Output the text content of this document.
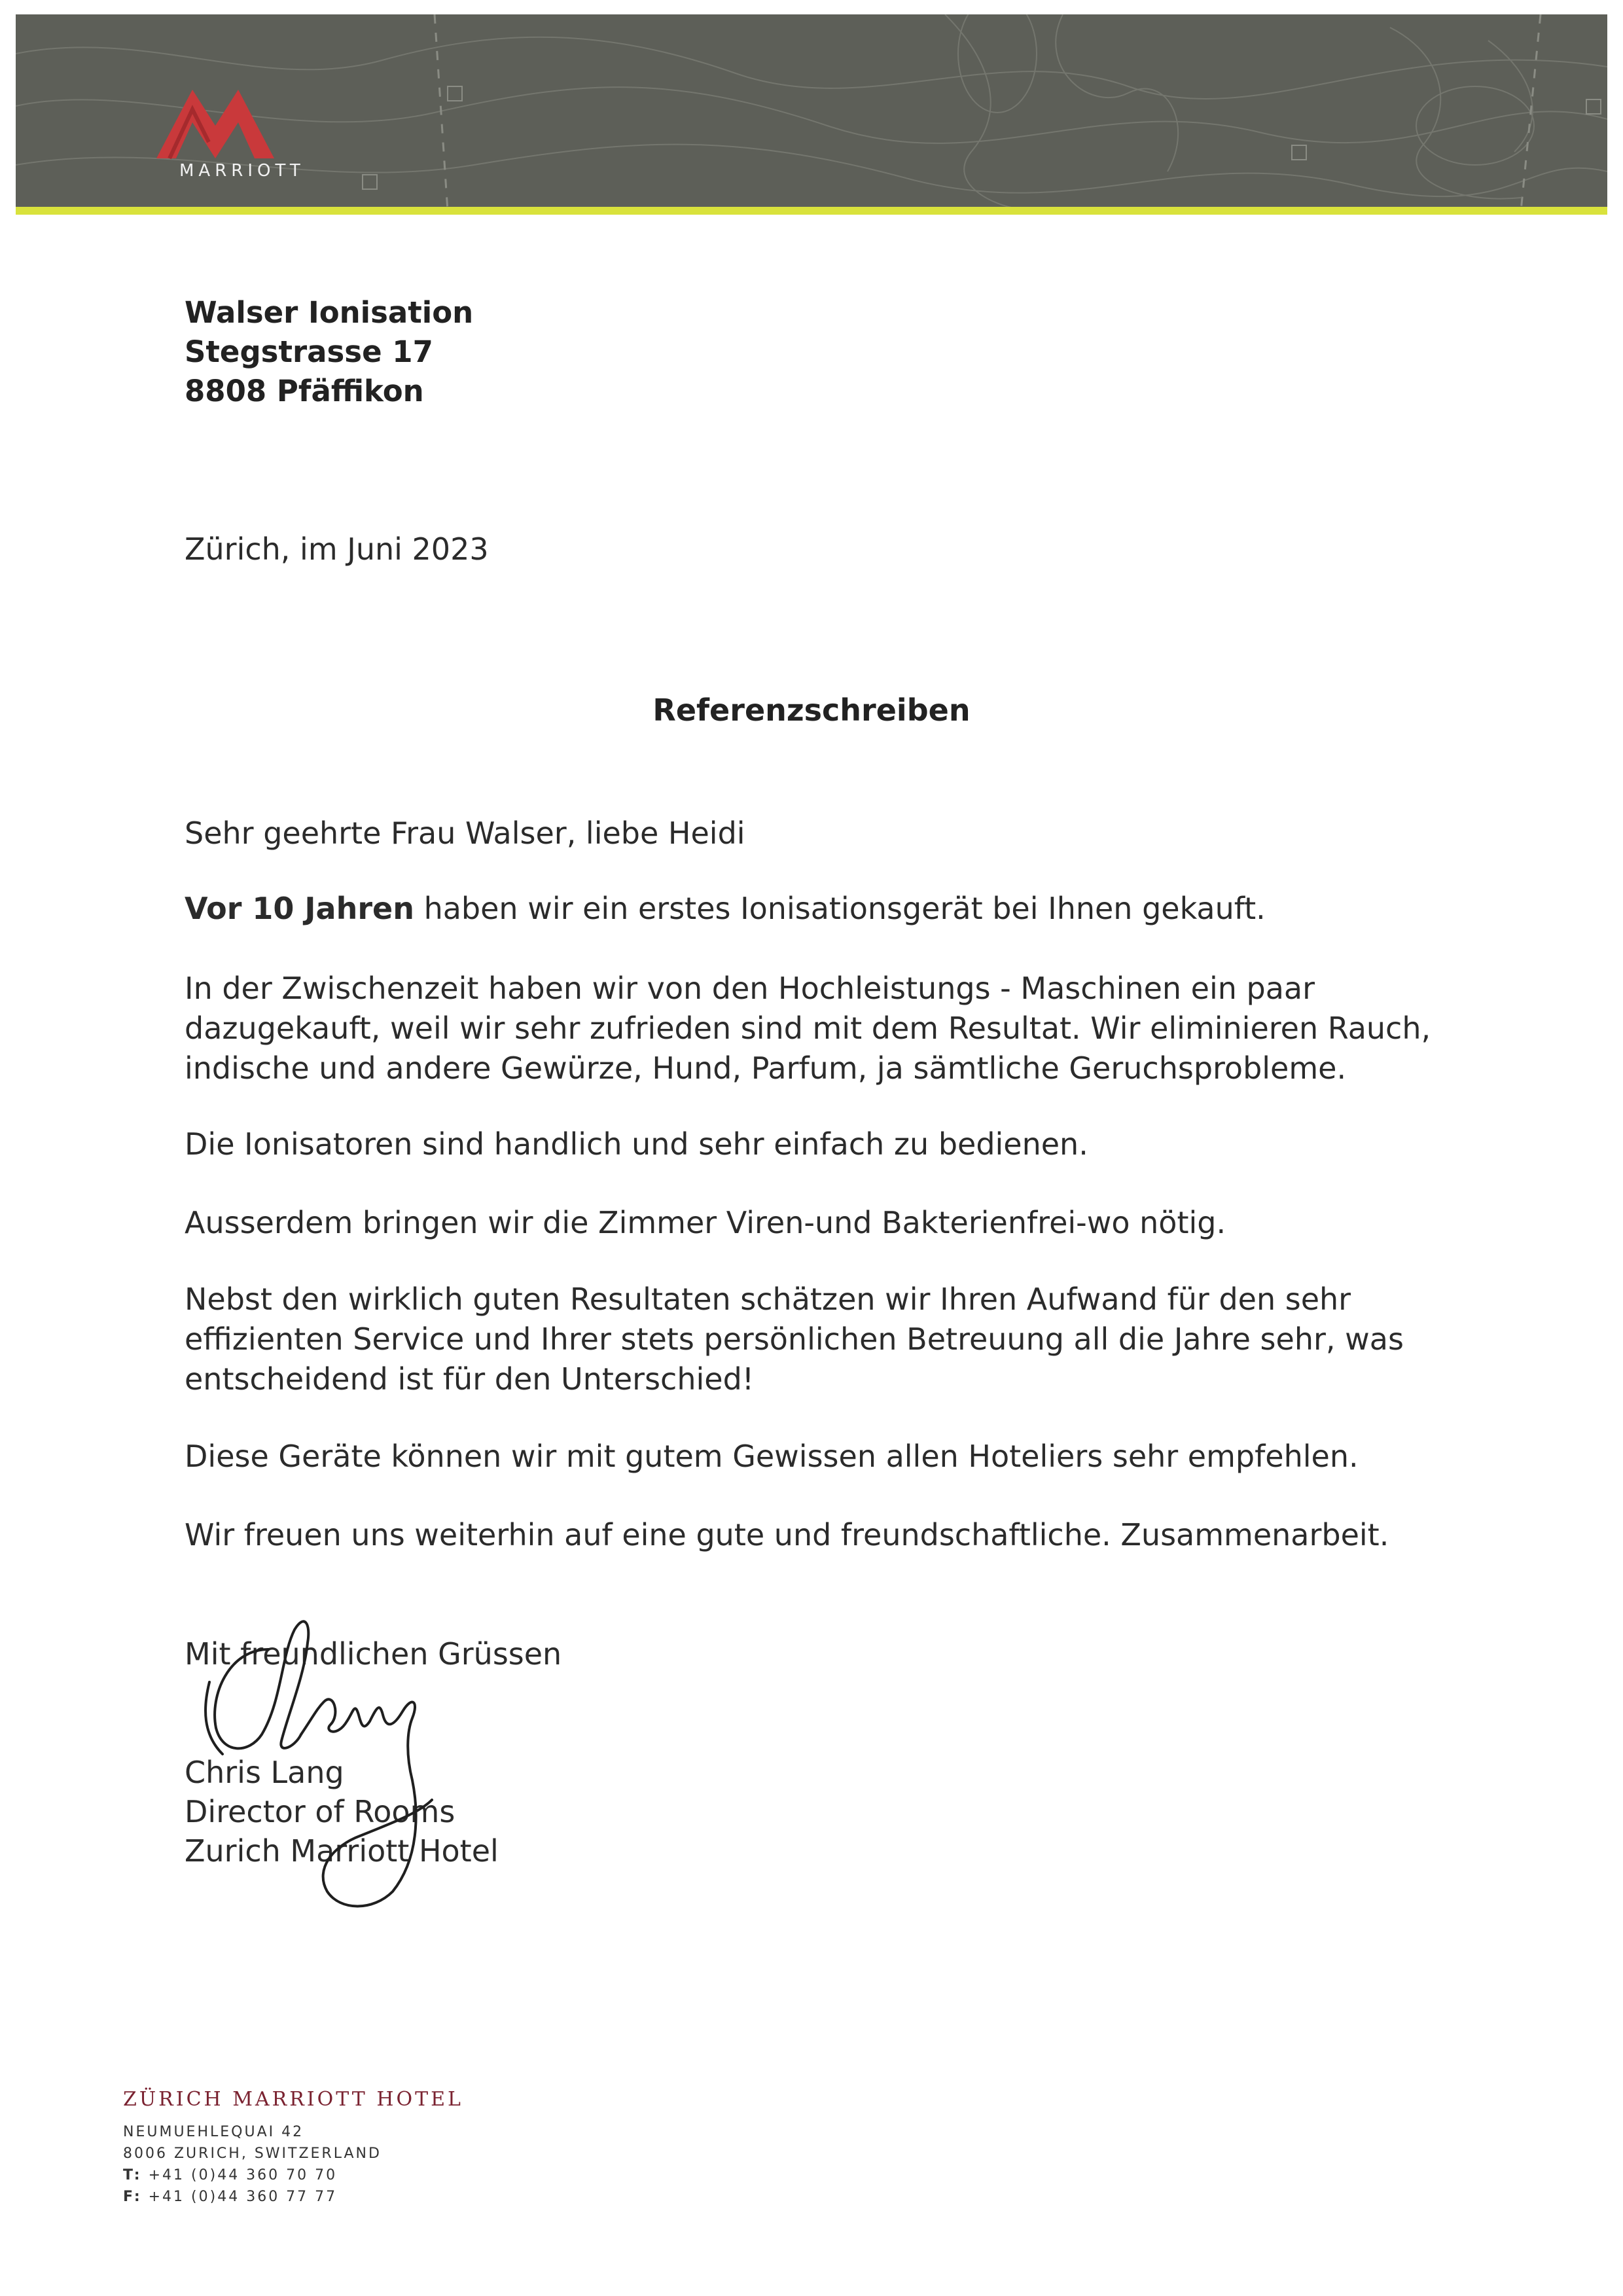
MARRIOTT
Walser Ionisation
Stegstrasse 17
8808 Pfäffikon
Zürich, im Juni 2023
Referenzschreiben
Sehr geehrte Frau Walser, liebe Heidi
Vor 10 Jahren haben wir ein erstes Ionisationsgerät bei Ihnen gekauft.
In der Zwischenzeit haben wir von den Hochleistungs - Maschinen ein paar
dazugekauft, weil wir sehr zufrieden sind mit dem Resultat. Wir eliminieren Rauch,
indische und andere Gewürze, Hund, Parfum, ja sämtliche Geruchsprobleme.
Die Ionisatoren sind handlich und sehr einfach zu bedienen.
Ausserdem bringen wir die Zimmer Viren-und Bakterienfrei-wo nötig.
Nebst den wirklich guten Resultaten schätzen wir Ihren Aufwand für den sehr
effizienten Service und Ihrer stets persönlichen Betreuung all die Jahre sehr, was
entscheidend ist für den Unterschied!
Diese Geräte können wir mit gutem Gewissen allen Hoteliers sehr empfehlen.
Wir freuen uns weiterhin auf eine gute und freundschaftliche. Zusammenarbeit.
Mit freundlichen Grüssen
Chris Lang
Director of Rooms
Zurich Marriott Hotel
ZÜRICH MARRIOTT HOTEL
NEUMUEHLEQUAI 42
8006 ZURICH, SWITZERLAND
T: +41 (0)44 360 70 70
F: +41 (0)44 360 77 77
